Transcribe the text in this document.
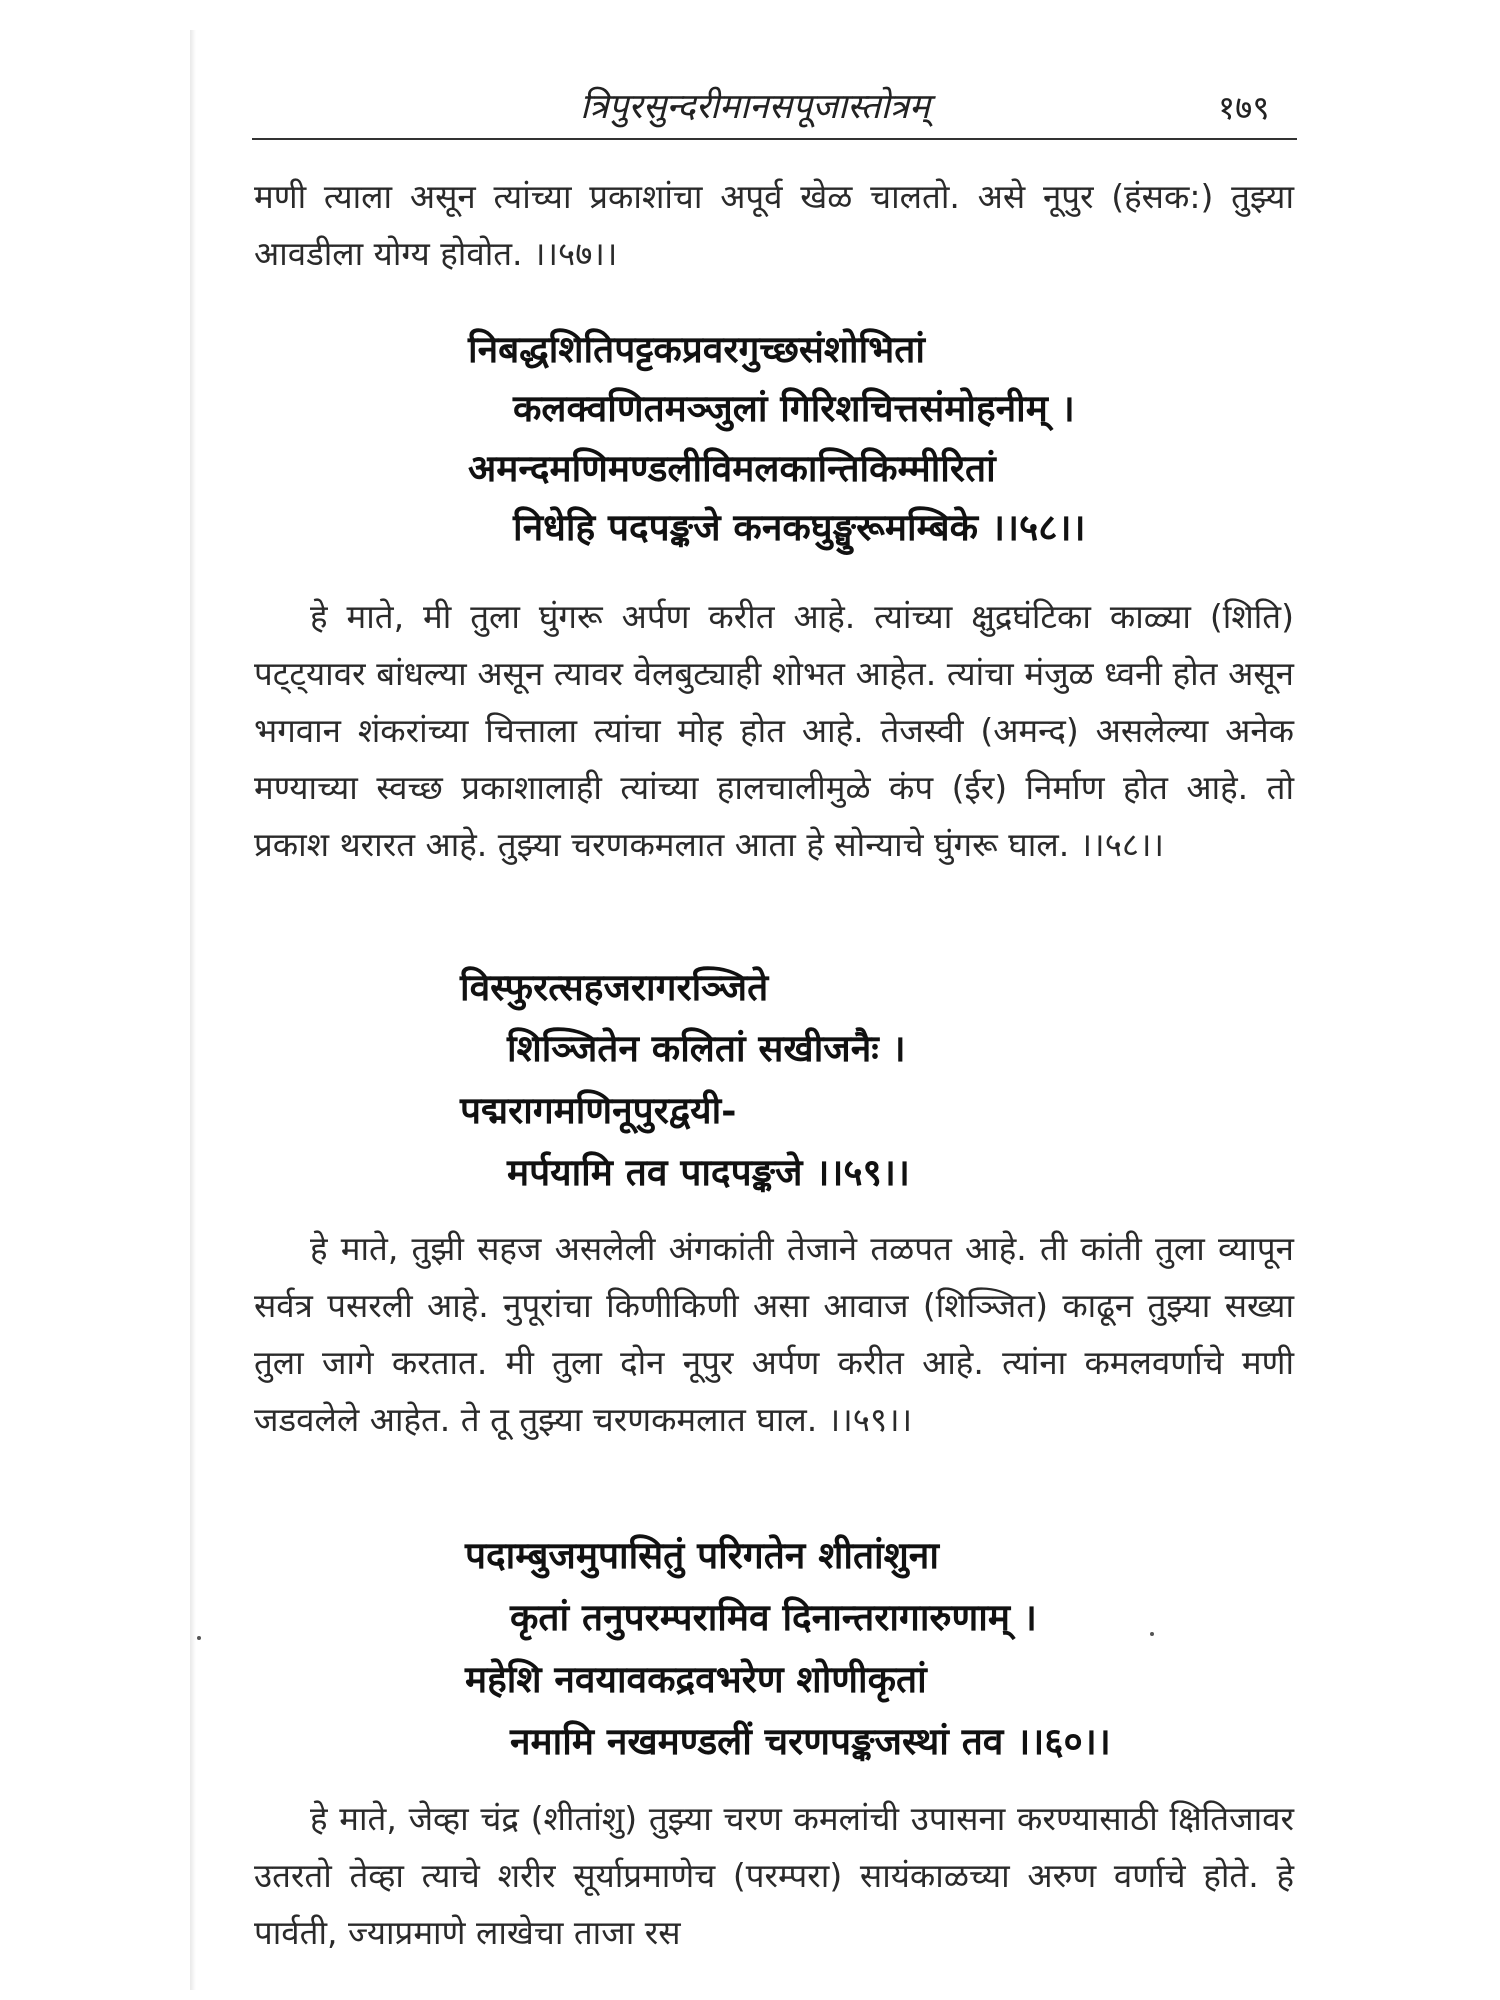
त्रिपुरसुन्दरीमानसपूजास्तोत्रम्	१७९

मणी त्याला असून त्यांच्या प्रकाशांचा अपूर्व खेळ चालतो. असे नूपुर (हंसक:) तुझ्या आवडीला योग्य होवोत. ।।५७।।

निबद्धशितिपट्टकप्रवरगुच्छसंशोभितां
कलक्वणितमञ्जुलां गिरिशचित्तसंमोहनीम् ।
अमन्दमणिमण्डलीविमलकान्तिकिम्मीरितां
निधेहि पदपङ्कजे कनकघुङ्घुरूमम्बिके ।।५८।।

हे माते, मी तुला घुंगरू अर्पण करीत आहे. त्यांच्या क्षुद्रघंटिका काळ्या (शिति) पट्ट्यावर बांधल्या असून त्यावर वेलबुट्याही शोभत आहेत. त्यांचा मंजुळ ध्वनी होत असून भगवान शंकरांच्या चित्ताला त्यांचा मोह होत आहे. तेजस्वी (अमन्द) असलेल्या अनेक मण्याच्या स्वच्छ प्रकाशालाही त्यांच्या हालचालीमुळे कंप (ईर) निर्माण होत आहे. तो प्रकाश थरारत आहे. तुझ्या चरणकमलात आता हे सोन्याचे घुंगरू घाल. ।।५८।।

विस्फुरत्सहजरागरञ्जिते
शिञ्जितेन कलितां सखीजनैः ।
पद्मरागमणिनूपुरद्वयी-
मर्पयामि तव पादपङ्कजे ।।५९।।

हे माते, तुझी सहज असलेली अंगकांती तेजाने तळपत आहे. ती कांती तुला व्यापून सर्वत्र पसरली आहे. नुपूरांचा किणीकिणी असा आवाज (शिञ्जित) काढून तुझ्या सख्या तुला जागे करतात. मी तुला दोन नूपुर अर्पण करीत आहे. त्यांना कमलवर्णाचे मणी जडवलेले आहेत. ते तू तुझ्या चरणकमलात घाल. ।।५९।।

पदाम्बुजमुपासितुं परिगतेन शीतांशुना
कृतां तनुपरम्परामिव दिनान्तरागारुणाम् ।
महेशि नवयावकद्रवभरेण शोणीकृतां
नमामि नखमण्डलीं चरणपङ्कजस्थां तव ।।६०।।

हे माते, जेव्हा चंद्र (शीतांशु) तुझ्या चरण कमलांची उपासना करण्यासाठी क्षितिजावर उतरतो तेव्हा त्याचे शरीर सूर्याप्रमाणेच (परम्परा) सायंकाळच्या अरुण वर्णाचे होते. हे पार्वती, ज्याप्रमाणे लाखेचा ताजा रस
